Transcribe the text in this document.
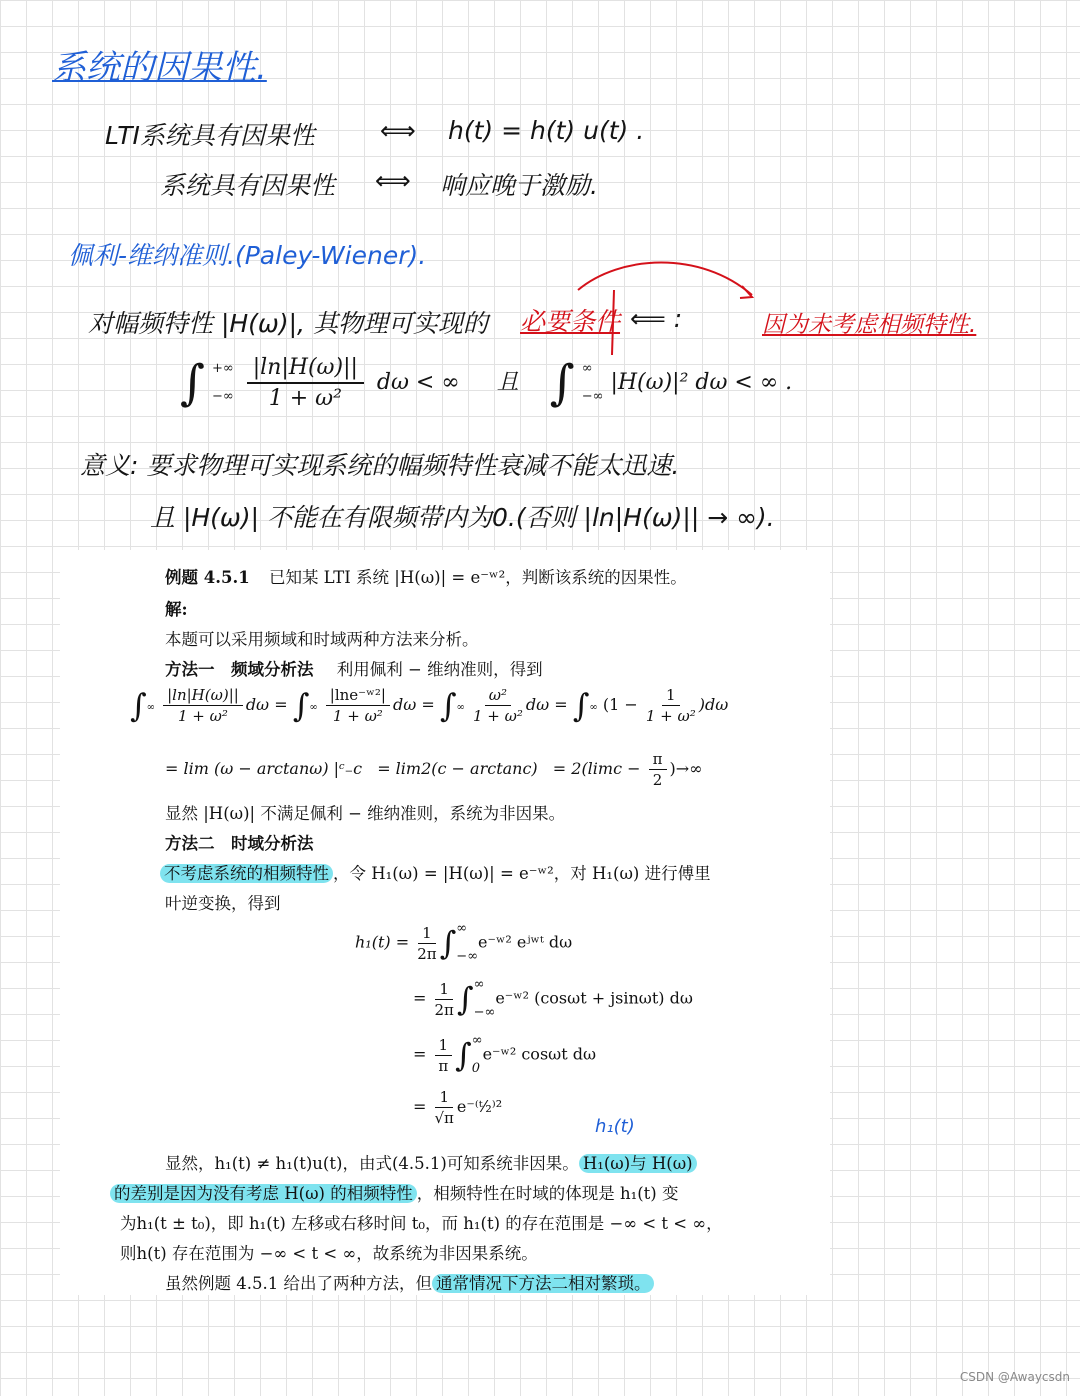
系统的因果性.
LTI系统具有因果性	⟺ h(t) = h(t) u(t) .
系统具有因果性 ⟺ 响应晚于激励.
佩利-维纳准则.(Paley-Wiener).
对幅频特性 |H(ω)|, 其物理可实现的 必要条件 ⟸ :	因为未考虑相频特性.
∫ +∞

−∞ $\frac{|\ln|H(\omega)||}{\text{1 + ω²}}$ dω < ∞ 且 ∫ ∞

−∞ |H(ω)|² dω < ∞ .
意义: 要求物理可实现系统的幅频特性衰减不能太迅速.
且 |H(ω)| 不能在有限频带内为0.(否则 |ln|H(ω)|| → ∞).
例题 4.5.1 已知某 LTI 系统 |H(ω)| = e⁻ʷ²，判断该系统的因果性。
解:
本题可以采用频域和时域两种方法来分析。
方法一　频域分析法 利用佩利 − 维纳准则，得到
∫∞ $\frac{|\ln|H(\omega)||}{\text{1 + ω²}}$ dω = ∫∞ $\frac{\text{|lne⁻ʷ²|}}{\text{1 + ω²}}$ dω = ∫∞ $\frac{\text{ω²}}{\text{1 + ω²}}$ dω = ∫∞ $(1 - \frac{1}{\text{1 + ω²}} )d\omega$
= lim (ω − arctanω) |ᶜ₋c = $\lim 2(c - \arctan c) = 2(\lim c - \frac{\pi}{2}$ )→∞
显然 |H(ω)| 不满足佩利 − 维纳准则，系统为非因果。
方法二　时域分析法
不考虑系统的相频特性 ，令 H₁(ω) = |H(ω)| = e⁻ʷ²，对 H₁(ω) 进行傅里
叶逆变换，得到
$h_1(t) = \frac{1}{2\pi}$ ∫∞

−∞e⁻ʷ² eʲʷᵗ dω
= $\frac{1}{2\pi}$ ∫∞

−∞e⁻ʷ² (cosωt + jsinωt) dω
= $\frac{1}{\pi}$ ∫∞

0e⁻ʷ² cosωt dω
= $\frac{1}{√\pi}$ e⁻⁽ᵗ⁄₂⁾²
显然，h₁(t) ≠ h₁(t)u(t)，由式(4.5.1)可知系统非因果。 H₁(ω)与 H(ω)
的差别是因为没有考虑 H(ω) 的相频特性 ，相频特性在时域的体现是 h₁(t) 变
为h₁(t ± t₀)，即 h₁(t) 左移或右移时间 t₀，而 h₁(t) 的存在范围是 −∞ < t < ∞，
则h(t) 存在范围为 −∞ < t < ∞，故系统为非因果系统。
虽然例题 4.5.1 给出了两种方法，但 通常情况下方法二相对繁琐。
h₁(t)
CSDN @Awaycsdn
